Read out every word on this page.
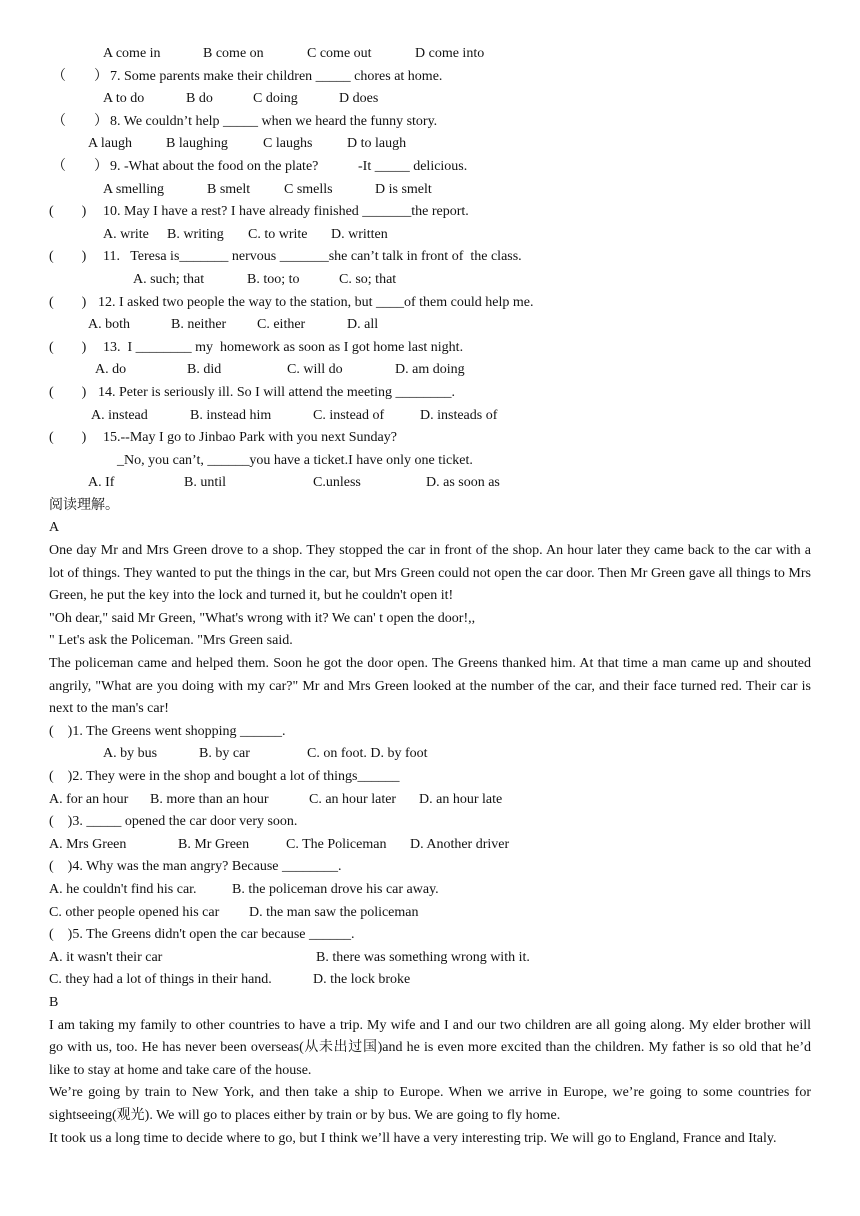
A come in

	B come on

	C come out

	D come into

（　　）

7. Some parents make their children _____ chores at home.

A to do

	B do

	C doing

	D does

（　　）

8. We couldn’t help _____ when we heard the funny story.

A laugh

B laughing

	C laughs

D to laugh

（　　）

9. -What about the food on the plate?

	-It _____ delicious.

A smelling

	B smelt

C smells

	D is smelt

(　　)

10. May I have a rest? I have already finished _______the report.

A. write

B. writing

C. to write

D. written

(　　)

11.   Teresa is_______ nervous _______she can’t talk in front of  the class.

A. such; that

	B. too; to

	C. so; that

(　　)

12. I asked two people the way to the station, but ____of them could help me.

A. both

	B. neither

C. either

	D. all

(　　)

13.  I ________ my  homework as soon as I got home last night.

A. do

	B. did

	C. will do

	D. am doing

(　　)

14. Peter is seriously ill. So I will attend the meeting ________.

A. instead

	B. instead him

	C. instead of

	D. insteads of

(　　)

15.--May I go to Jinbao Park with you next Sunday?

_No, you can’t, ______you have a ticket.I have only one ticket.

A. If

	B. until

	C.unless

	D. as soon as

阅读理解。

A

One day Mr and Mrs Green drove to a shop. They stopped the car in front of the shop. An hour later they came back to the car with a lot of things. They wanted to put the things in the car, but Mrs Green could not open the car door. Then Mr Green gave all things to Mrs Green, he put the key into the lock and turned it, but he couldn't open it!

"Oh dear," said Mr Green, "What's wrong with it? We can' t open the door!,,

" Let's ask the Policeman. "Mrs Green said.

The policeman came and helped them. Soon he got the door open. The Greens thanked him. At that time a man came up and shouted angrily, "What are you doing with my car?" Mr and Mrs Green looked at the number of the car, and their face turned red. Their car is next to the man's car!

(    )1. The Greens went shopping ______.

A. by bus

	B. by car

	C. on foot. D. by foot

(    )2. They were in the shop and bought a lot of things______

A. for an hour

B. more than an hour

	C. an hour later

D. an hour late

(    )3. _____ opened the car door very soon.

A. Mrs Green

	B. Mr Green

	C. The Policeman

D. Another driver

(    )4. Why was the man angry? Because ________.

A. he couldn't find his car.

	B. the policeman drove his car away.

C. other people opened his car

D. the man saw the policeman

(    )5. The Greens didn't open the car because ______.

A. it wasn't their car

	B. there was something wrong with it.

C. they had a lot of things in their hand.

	D. the lock broke

B

I am taking my family to other countries to have a trip. My wife and I and our two children are all going along. My elder brother will go with us, too. He has never been overseas(从未出过国)and he is even more excited than the children. My father is so old that he’d like to stay at home and take care of the house.

We’re going by train to New York, and then take a ship to Europe. When we arrive in Europe, we’re going to some countries for sightseeing(观光). We will go to places either by train or by bus. We are going to fly home.

It took us a long time to decide where to go, but I think we’ll have a very interesting trip. We will go to England, France and Italy.
